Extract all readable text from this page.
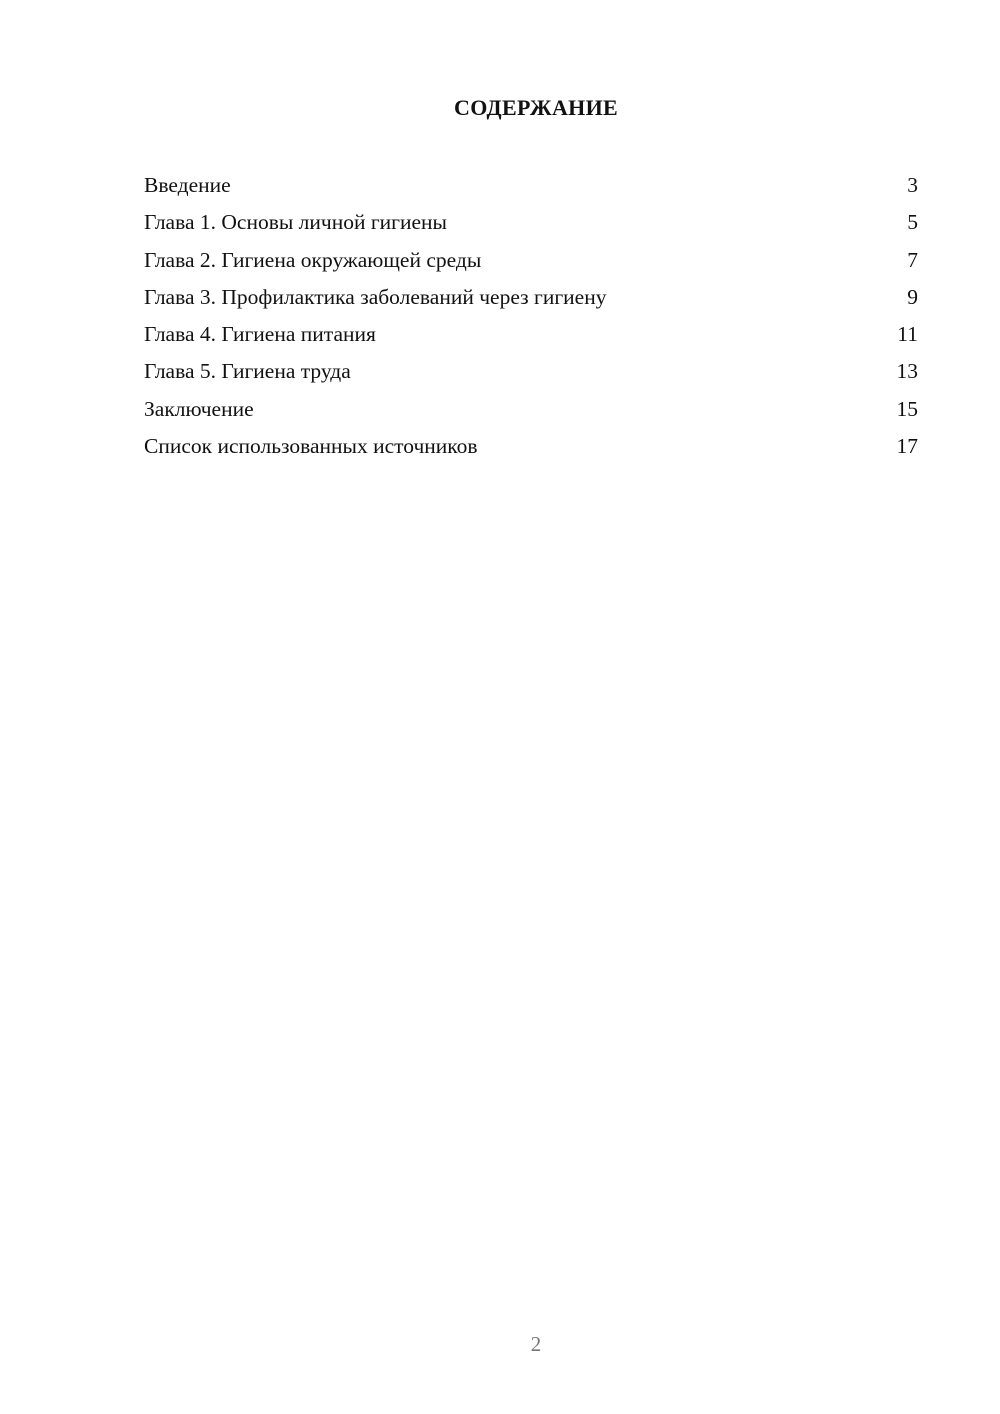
СОДЕРЖАНИЕ
Введение	3
Глава 1. Основы личной гигиены	5
Глава 2. Гигиена окружающей среды	7
Глава 3. Профилактика заболеваний через гигиену	9
Глава 4. Гигиена питания	11
Глава 5. Гигиена труда	13
Заключение	15
Список использованных источников	17
2
